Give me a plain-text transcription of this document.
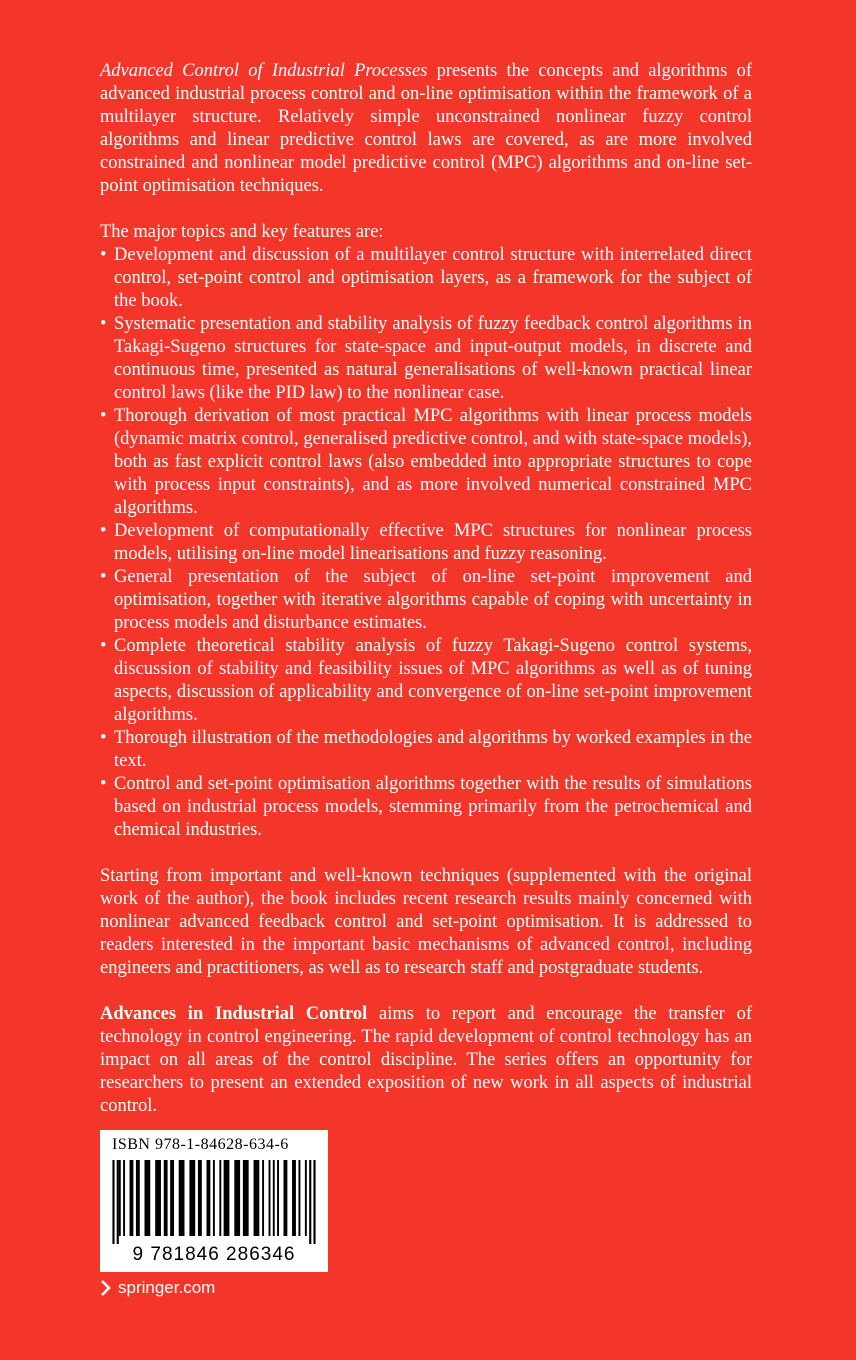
Advanced Control of Industrial Processes presents the concepts and algorithms of advanced industrial process control and on-line optimisation within the framework of a multilayer structure. Relatively simple unconstrained nonlinear fuzzy control algorithms and linear predictive control laws are covered, as are more involved constrained and nonlinear model predictive control (MPC) algorithms and on-line set-point optimisation techniques.

The major topics and key features are:

• Development and discussion of a multilayer control structure with interrelated direct control, set-point control and optimisation layers, as a framework for the subject of the book.
• Systematic presentation and stability analysis of fuzzy feedback control algorithms in Takagi-Sugeno structures for state-space and input-output models, in discrete and continuous time, presented as natural generalisations of well-known practical linear control laws (like the PID law) to the nonlinear case.
• Thorough derivation of most practical MPC algorithms with linear process models (dynamic matrix control, generalised predictive control, and with state-space models), both as fast explicit control laws (also embedded into appropriate structures to cope with process input constraints), and as more involved numerical constrained MPC algorithms.
• Development of computationally effective MPC structures for nonlinear process models, utilising on-line model linearisations and fuzzy reasoning.
• General presentation of the subject of on-line set-point improvement and optimisation, together with iterative algorithms capable of coping with uncertainty in process models and disturbance estimates.
• Complete theoretical stability analysis of fuzzy Takagi-Sugeno control systems, discussion of stability and feasibility issues of MPC algorithms as well as of tuning aspects, discussion of applicability and convergence of on-line set-point improvement algorithms.
• Thorough illustration of the methodologies and algorithms by worked examples in the text.
• Control and set-point optimisation algorithms together with the results of simulations based on industrial process models, stemming primarily from the petrochemical and chemical industries.

Starting from important and well-known techniques (supplemented with the original work of the author), the book includes recent research results mainly concerned with nonlinear advanced feedback control and set-point optimisation. It is addressed to readers interested in the important basic mechanisms of advanced control, including engineers and practitioners, as well as to research staff and postgraduate students.

Advances in Industrial Control aims to report and encourage the transfer of technology in control engineering. The rapid development of control technology has an impact on all areas of the control discipline. The series offers an opportunity for researchers to present an extended exposition of new work in all aspects of industrial control.

ISBN 978-1-84628-634-6
9 781846 286346
springer.com
